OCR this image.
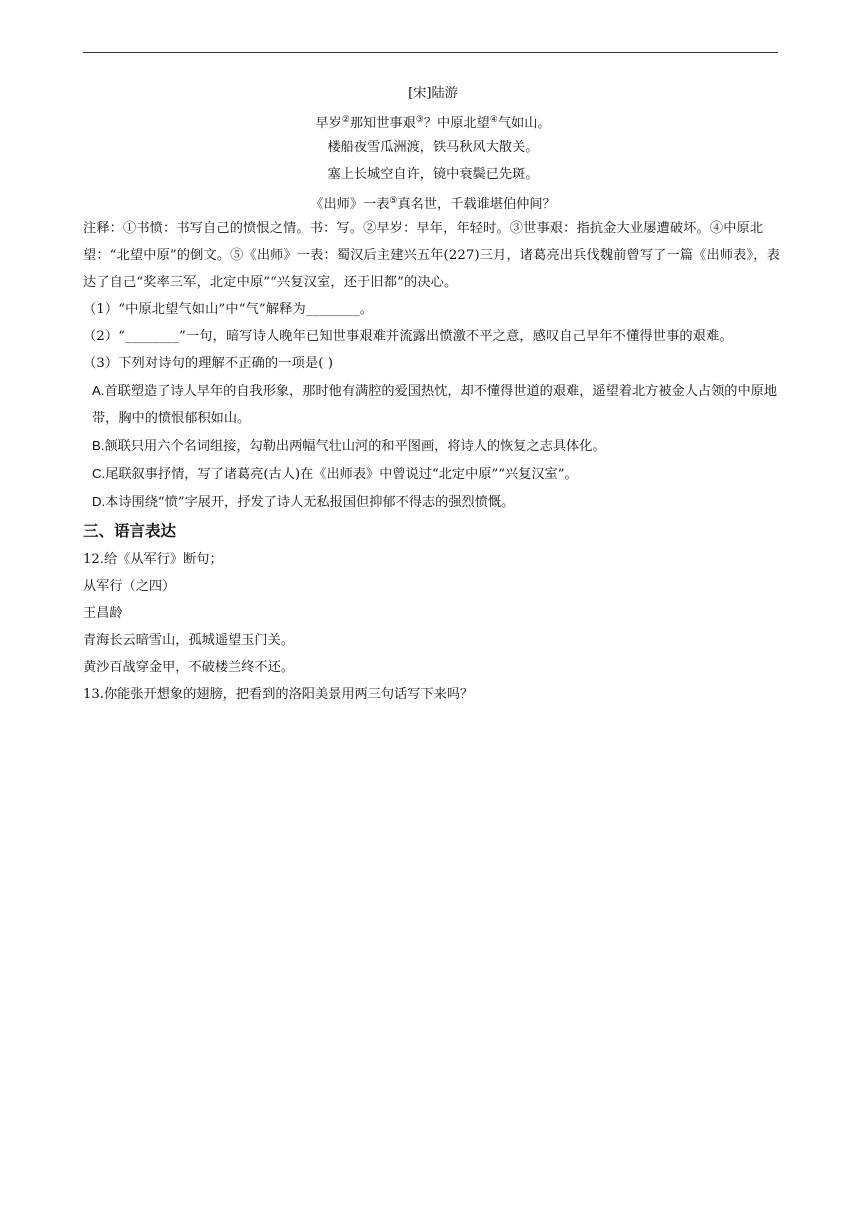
[宋]陆游
早岁②那知世事艰③？中原北望④气如山。
楼船夜雪瓜洲渡，铁马秋风大散关。
塞上长城空自许，镜中衰鬓已先斑。
《出师》一表⑤真名世，千载谁堪伯仲间？
注释：①书愤：书写自己的愤恨之情。书：写。②早岁：早年，年轻时。③世事艰：指抗金大业屡遭破坏。④中原北望：“北望中原”的倒文。⑤《出师》一表：蜀汉后主建兴五年(227)三月，诸葛亮出兵伐魏前曾写了一篇《出师表》，表达了自己“奖率三军，北定中原”“兴复汉室，还于旧都”的决心。
（1）“中原北望气如山”中“气”解释为________。
（2）“________”一句，暗写诗人晚年已知世事艰难并流露出愤激不平之意，感叹自己早年不懂得世事的艰难。
（3）下列对诗句的理解不正确的一项是( )
A.首联塑造了诗人早年的自我形象，那时他有满腔的爱国热忱，却不懂得世道的艰难，遥望着北方被金人占领的中原地带，胸中的愤恨郁积如山。
B.颔联只用六个名词组接，勾勒出两幅气壮山河的和平图画，将诗人的恢复之志具体化。
C.尾联叙事抒情，写了诸葛亮(古人)在《出师表》中曾说过“北定中原”“兴复汉室”。
D.本诗围绕“愤”字展开，抒发了诗人无私报国但抑郁不得志的强烈愤慨。
三、语言表达
12.给《从军行》断句；
从军行（之四）
王昌龄
青海长云暗雪山，孤城遥望玉门关。
黄沙百战穿金甲，不破楼兰终不还。
13.你能张开想象的翅膀，把看到的洛阳美景用两三句话写下来吗？
